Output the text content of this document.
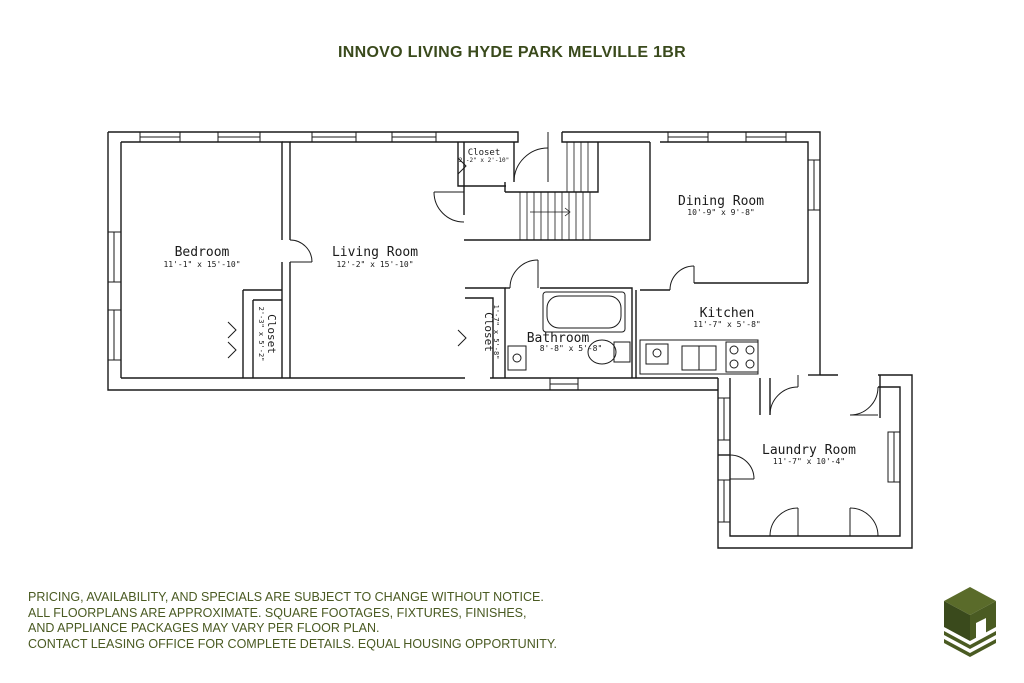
INNOVO LIVING HYDE PARK MELVILLE 1BR
Bedroom
11'-1" x 15'-10"
Living Room
12'-2" x 15'-10"
Dining Room
10'-9" x 9'-8"
Kitchen
11'-7" x 5'-8"
Bathroom
8'-8" x 5'-8"
Laundry Room
11'-7" x 10'-4"
Closet
2'-2" x 2'-10"
Closet
2'-3" x 5'-2"	Closet
1'-7" x 5'-8"
PRICING, AVAILABILITY, AND SPECIALS ARE SUBJECT TO CHANGE WITHOUT NOTICE.
ALL FLOORPLANS ARE APPROXIMATE. SQUARE FOOTAGES, FIXTURES, FINISHES,
AND APPLIANCE PACKAGES MAY VARY PER FLOOR PLAN.
CONTACT LEASING OFFICE FOR COMPLETE DETAILS. EQUAL HOUSING OPPORTUNITY.
